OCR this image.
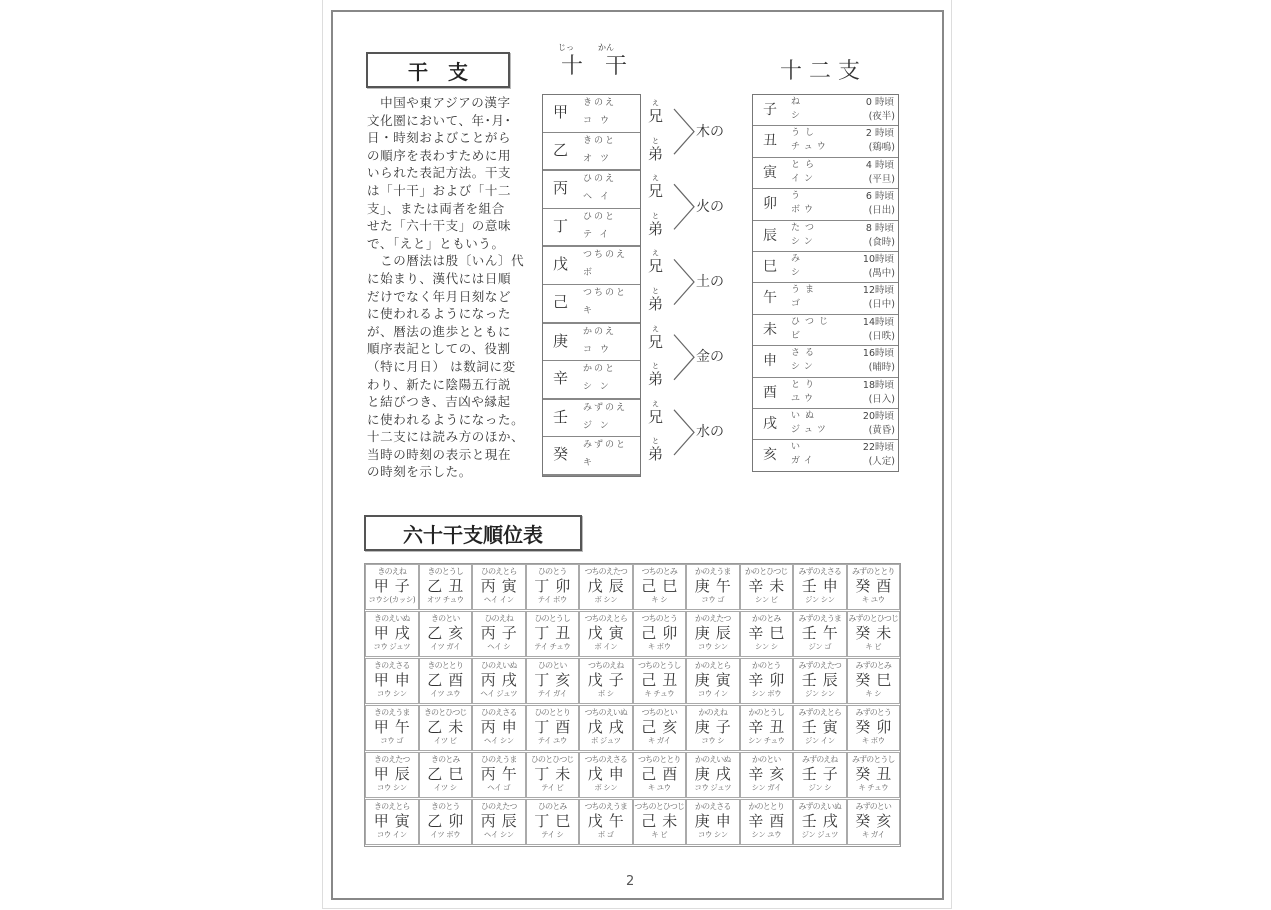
干　支
　中国や東アジアの漢字
文化圏において、年･月･
日・時刻およびことがら
の順序を表わすために用
いられた表記方法。干支
は「十干」および「十二
支」、または両者を組合
せた「六十干支」の意味
で、「えと」ともいう。
　この暦法は殷〔いん〕代
に始まり、漢代には日順
だけでなく年月日刻など
に使われるようになった
が、暦法の進歩とともに
順序表記としての、役割
（特に月日） は数詞に変
わり、新たに陰陽五行説
と結びつき、吉凶や縁起
に使われるようになった。
十二支には読み方のほか、
当時の時刻の表示と現在
の時刻を示した。
じっ	かん
十　干
甲 きのえ
コウ
乙 きのと
オツ
丙 ひのえ
ヘイ
丁 ひのと
テイ
戊 つちのえ
ボ
己 つちのと
キ
庚 かのえ
コウ
辛 かのと
シン
壬 みずのえ
ジン
癸 みずのと
キ
兄
え
弟
と
木の
兄
え
弟
と
火の
兄
え
弟
と
土の
兄
え
弟
と
金の
兄
え
弟
と
水の
十 二 支
子 ね
シ
0 時頃
(夜半)
丑 うし
チュウ
2 時頃
(鶏鳴)
寅 とら
イン
4 時頃
(平旦)
卯 う
ボウ
6 時頃
(日出)
辰 たつ
シン
8 時頃
(食時)
巳 み
シ
10時頃
(禺中)
午 うま
ゴ
12時頃
(日中)
未 ひつじ
ビ
14時頃
(日昳)
申 さる
シン
16時頃
(晡時)
酉 とり
ユウ
18時頃
(日入)
戌 いぬ
ジュツ
20時頃
(黄昏)
亥 い
ガイ
22時頃
(人定)
六十干支順位表
きのえね
甲子
コウシ(カッシ)
きのとうし
乙丑
オツ チュウ
ひのえとら
丙寅
ヘイ イン
ひのとう
丁卯
テイ ボウ
つちのえたつ
戊辰
ボ シン
つちのとみ
己巳
キ シ
かのえうま
庚午
コウ ゴ
かのとひつじ
辛未
シン ビ
みずのえさる
壬申
ジン シン
みずのととり
癸酉
キ ユウ
きのえいぬ
甲戌
コウ ジュツ
きのとい
乙亥
イツ ガイ
ひのえね
丙子
ヘイ シ
ひのとうし
丁丑
テイ チュウ
つちのえとら
戊寅
ボ イン
つちのとう
己卯
キ ボウ
かのえたつ
庚辰
コウ シン
かのとみ
辛巳
シン シ
みずのえうま
壬午
ジン ゴ
みずのとひつじ
癸未
キ ビ
きのえさる
甲申
コウ シン
きのととり
乙酉
イツ ユウ
ひのえいぬ
丙戌
ヘイ ジュツ
ひのとい
丁亥
テイ ガイ
つちのえね
戊子
ボ シ
つちのとうし
己丑
キ チュウ
かのえとら
庚寅
コウ イン
かのとう
辛卯
シン ボウ
みずのえたつ
壬辰
ジン シン
みずのとみ
癸巳
キ シ
きのえうま
甲午
コウ ゴ
きのとひつじ
乙未
イツ ビ
ひのえさる
丙申
ヘイ シン
ひのととり
丁酉
テイ ユウ
つちのえいぬ
戊戌
ボ ジュツ
つちのとい
己亥
キ ガイ
かのえね
庚子
コウ シ
かのとうし
辛丑
シン チュウ
みずのえとら
壬寅
ジン イン
みずのとう
癸卯
キ ボウ
きのえたつ
甲辰
コウ シン
きのとみ
乙巳
イツ シ
ひのえうま
丙午
ヘイ ゴ
ひのとひつじ
丁未
テイ ビ
つちのえさる
戊申
ボ シン
つちのととり
己酉
キ ユウ
かのえいぬ
庚戌
コウ ジュツ
かのとい
辛亥
シン ガイ
みずのえね
壬子
ジン シ
みずのとうし
癸丑
キ チュウ
きのえとら
甲寅
コウ イン
きのとう
乙卯
イツ ボウ
ひのえたつ
丙辰
ヘイ シン
ひのとみ
丁巳
テイ シ
つちのえうま
戊午
ボ ゴ
つちのとひつじ
己未
キ ビ
かのえさる
庚申
コウ シン
かのととり
辛酉
シン ユウ
みずのえいぬ
壬戌
ジン ジュツ
みずのとい
癸亥
キ ガイ
2
